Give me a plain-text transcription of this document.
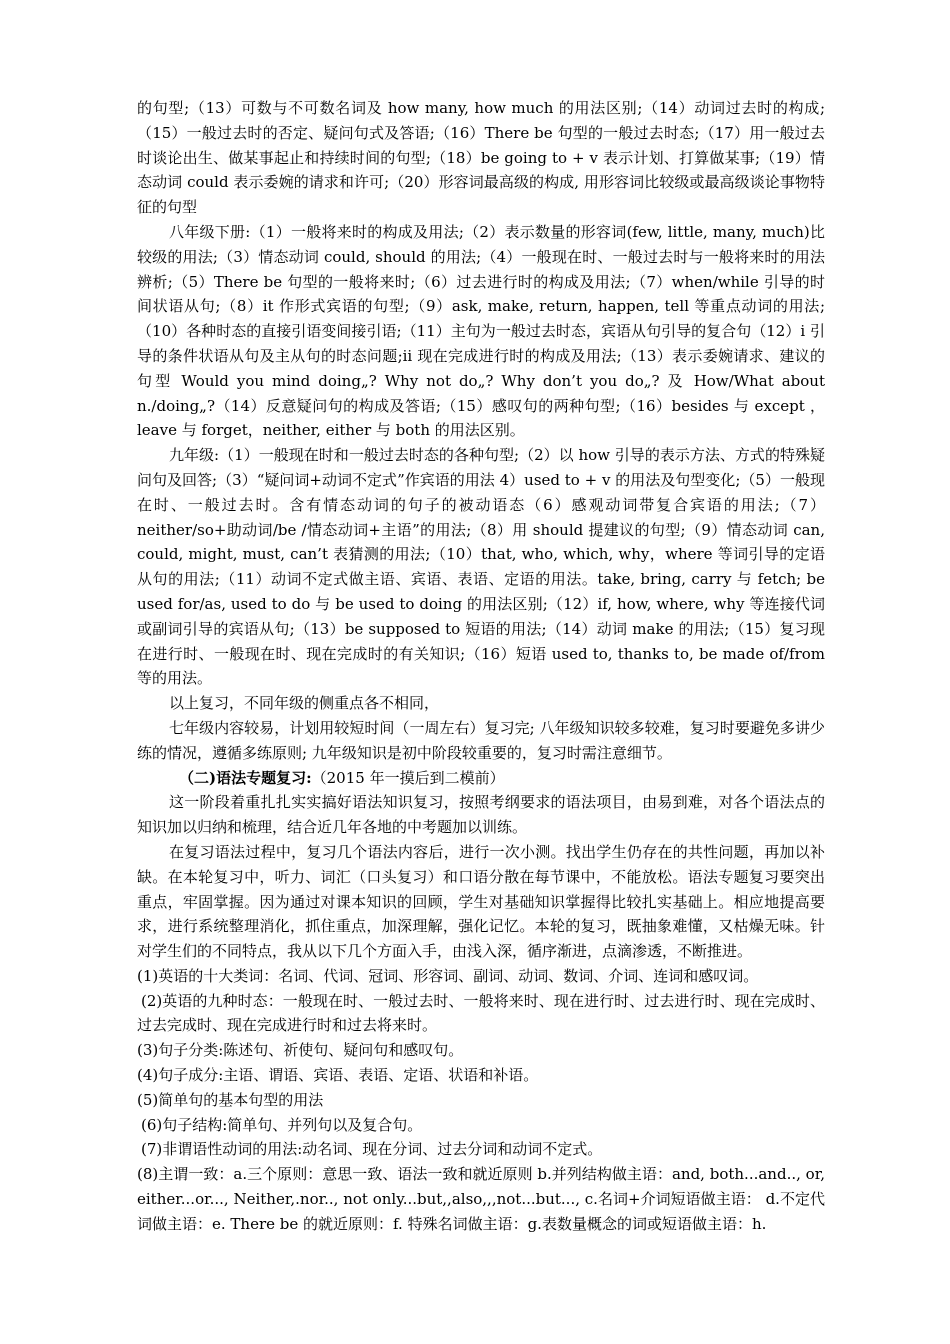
的句型;（13）可数与不可数名词及 how many, how much 的用法区别;（14）动词过去时的构成;（15）一般过去时的否定、疑问句式及答语;（16）There be 句型的一般过去时态;（17）用一般过去时谈论出生、做某事起止和持续时间的句型;（18）be going to + v 表示计划、打算做某事;（19）情态动词 could 表示委婉的请求和许可;（20）形容词最高级的构成, 用形容词比较级或最高级谈论事物特征的句型

八年级下册:（1）一般将来时的构成及用法;（2）表示数量的形容词(few, little, many, much)比较级的用法;（3）情态动词 could, should 的用法;（4）一般现在时、一般过去时与一般将来时的用法辨析;（5）There be 句型的一般将来时;（6）过去进行时的构成及用法;（7）when/while 引导的时间状语从句;（8）it 作形式宾语的句型;（9）ask, make, return, happen, tell 等重点动词的用法;（10）各种时态的直接引语变间接引语;（11）主句为一般过去时态，宾语从句引导的复合句（12）i 引导的条件状语从句及主从句的时态问题;ii 现在完成进行时的构成及用法;（13）表示委婉请求、建议的句型 Would you mind doing„? Why not do„? Why don’t you do„? 及 How/What about n./doing„?（14）反意疑问句的构成及答语;（15）感叹句的两种句型;（16）besides 与 except ，leave 与 forget，neither, either 与 both 的用法区别。

九年级:（1）一般现在时和一般过去时态的各种句型;（2）以 how 引导的表示方法、方式的特殊疑问句及回答;（3）“疑问词+动词不定式”作宾语的用法 4）used to + v 的用法及句型变化;（5）一般现在时、一般过去时。含有情态动词的句子的被动语态（6）感观动词带复合宾语的用法;（7）neither/so+助动词/be /情态动词+主语”的用法;（8）用 should 提建议的句型;（9）情态动词 can, could, might, must, can’t 表猜测的用法;（10）that, who, which, why，where 等词引导的定语从句的用法;（11）动词不定式做主语、宾语、表语、定语的用法。take, bring, carry 与 fetch; be used for/as, used to do 与 be used to doing 的用法区别;（12）if, how, where, why 等连接代词或副词引导的宾语从句;（13）be supposed to 短语的用法;（14）动词 make 的用法;（15）复习现在进行时、一般现在时、现在完成时的有关知识;（16）短语 used to, thanks to, be made of/from 等的用法。

以上复习，不同年级的侧重点各不相同，

七年级内容较易，计划用较短时间（一周左右）复习完; 八年级知识较多较难，复习时要避免多讲少练的情况，遵循多练原则; 九年级知识是初中阶段较重要的，复习时需注意细节。

（二)语法专题复习:（2015 年一摸后到二模前）

这一阶段着重扎扎实实搞好语法知识复习，按照考纲要求的语法项目，由易到难，对各个语法点的知识加以归纳和梳理，结合近几年各地的中考题加以训练。

在复习语法过程中，复习几个语法内容后，进行一次小测。找出学生仍存在的共性问题，再加以补缺。在本轮复习中，听力、词汇（口头复习）和口语分散在每节课中，不能放松。语法专题复习要突出重点，牢固掌握。因为通过对课本知识的回顾，学生对基础知识掌握得比较扎实基础上。相应地提高要求，进行系统整理消化，抓住重点，加深理解，强化记忆。本轮的复习，既抽象难懂，又枯燥无味。针对学生们的不同特点，我从以下几个方面入手，由浅入深，循序渐进，点滴渗透，不断推进。

(1)英语的十大类词：名词、代词、冠词、形容词、副词、动词、数词、介词、连词和感叹词。

(2)英语的九种时态：一般现在时、一般过去时、一般将来时、现在进行时、过去进行时、现在完成时、过去完成时、现在完成进行时和过去将来时。

(3)句子分类:陈述句、祈使句、疑问句和感叹句。

(4)句子成分:主语、谓语、宾语、表语、定语、状语和补语。

(5)简单句的基本句型的用法

(6)句子结构:简单句、并列句以及复合句。

(7)非谓语性动词的用法:动名词、现在分词、过去分词和动词不定式。

(8)主谓一致：a.三个原则：意思一致、语法一致和就近原则 b.并列结构做主语：and, both...and.., or, either...or..., Neither,.nor.., not only...but,,also,,,not...but..., c.名词+介词短语做主语： d.不定代词做主语：e. There be 的就近原则：f. 特殊名词做主语：g.表数量概念的词或短语做主语：h.
